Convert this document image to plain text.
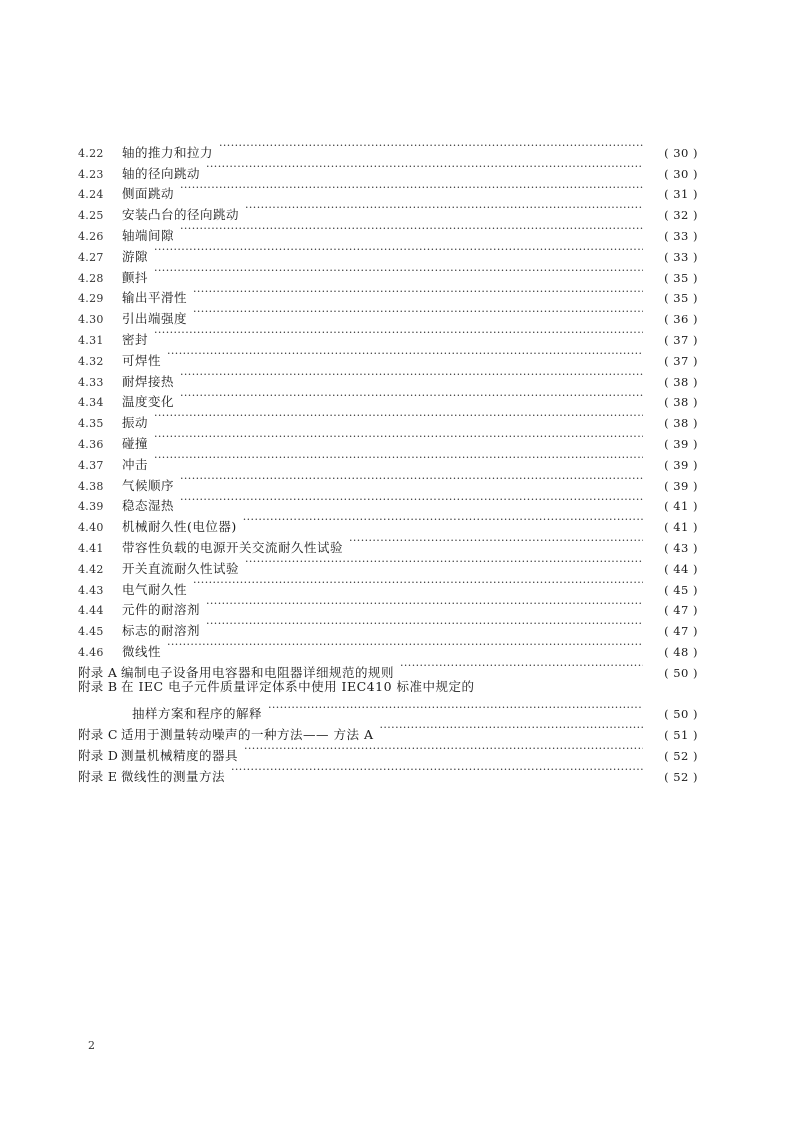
4.22	轴的推力和拉力 ·····	( 30 )
4.23	轴的径向跳动 ·····	( 30 )
4.24	侧面跳动 ·····	( 31 )
4.25	安装凸台的径向跳动 ·····	( 32 )
4.26	轴端间隙 ·····	( 33 )
4.27	游隙 ·····	( 33 )
4.28	颤抖 ·····	( 35 )
4.29	输出平滑性 ·····	( 35 )
4.30	引出端强度 ·····	( 36 )
4.31	密封 ·····	( 37 )
4.32	可焊性 ·····	( 37 )
4.33	耐焊接热 ·····	( 38 )
4.34	温度变化 ·····	( 38 )
4.35	振动 ·····	( 38 )
4.36	碰撞 ·····	( 39 )
4.37	冲击 ·····	( 39 )
4.38	气候顺序 ·····	( 39 )
4.39	稳态湿热 ·····	( 41 )
4.40	机械耐久性(电位器) ·····	( 41 )
4.41	带容性负载的电源开关交流耐久性试验 ·····	( 43 )
4.42	开关直流耐久性试验 ·····	( 44 )
4.43	电气耐久性 ·····	( 45 )
4.44	元件的耐溶剂 ·····	( 47 )
4.45	标志的耐溶剂 ·····	( 47 )
4.46	微线性 ·····	( 48 )
附录 A 编制电子设备用电容器和电阻器详细规范的规则 ·····	( 50 )
附录 B 在 IEC 电子元件质量评定体系中使用 IEC410 标准中规定的
抽样方案和程序的解释 ·····	( 50 )
附录 C 适用于测量转动噪声的一种方法—— 方法 A ·····	( 51 )
附录 D 测量机械精度的器具 ·····	( 52 )
附录 E 微线性的测量方法 ·····	( 52 )
2
